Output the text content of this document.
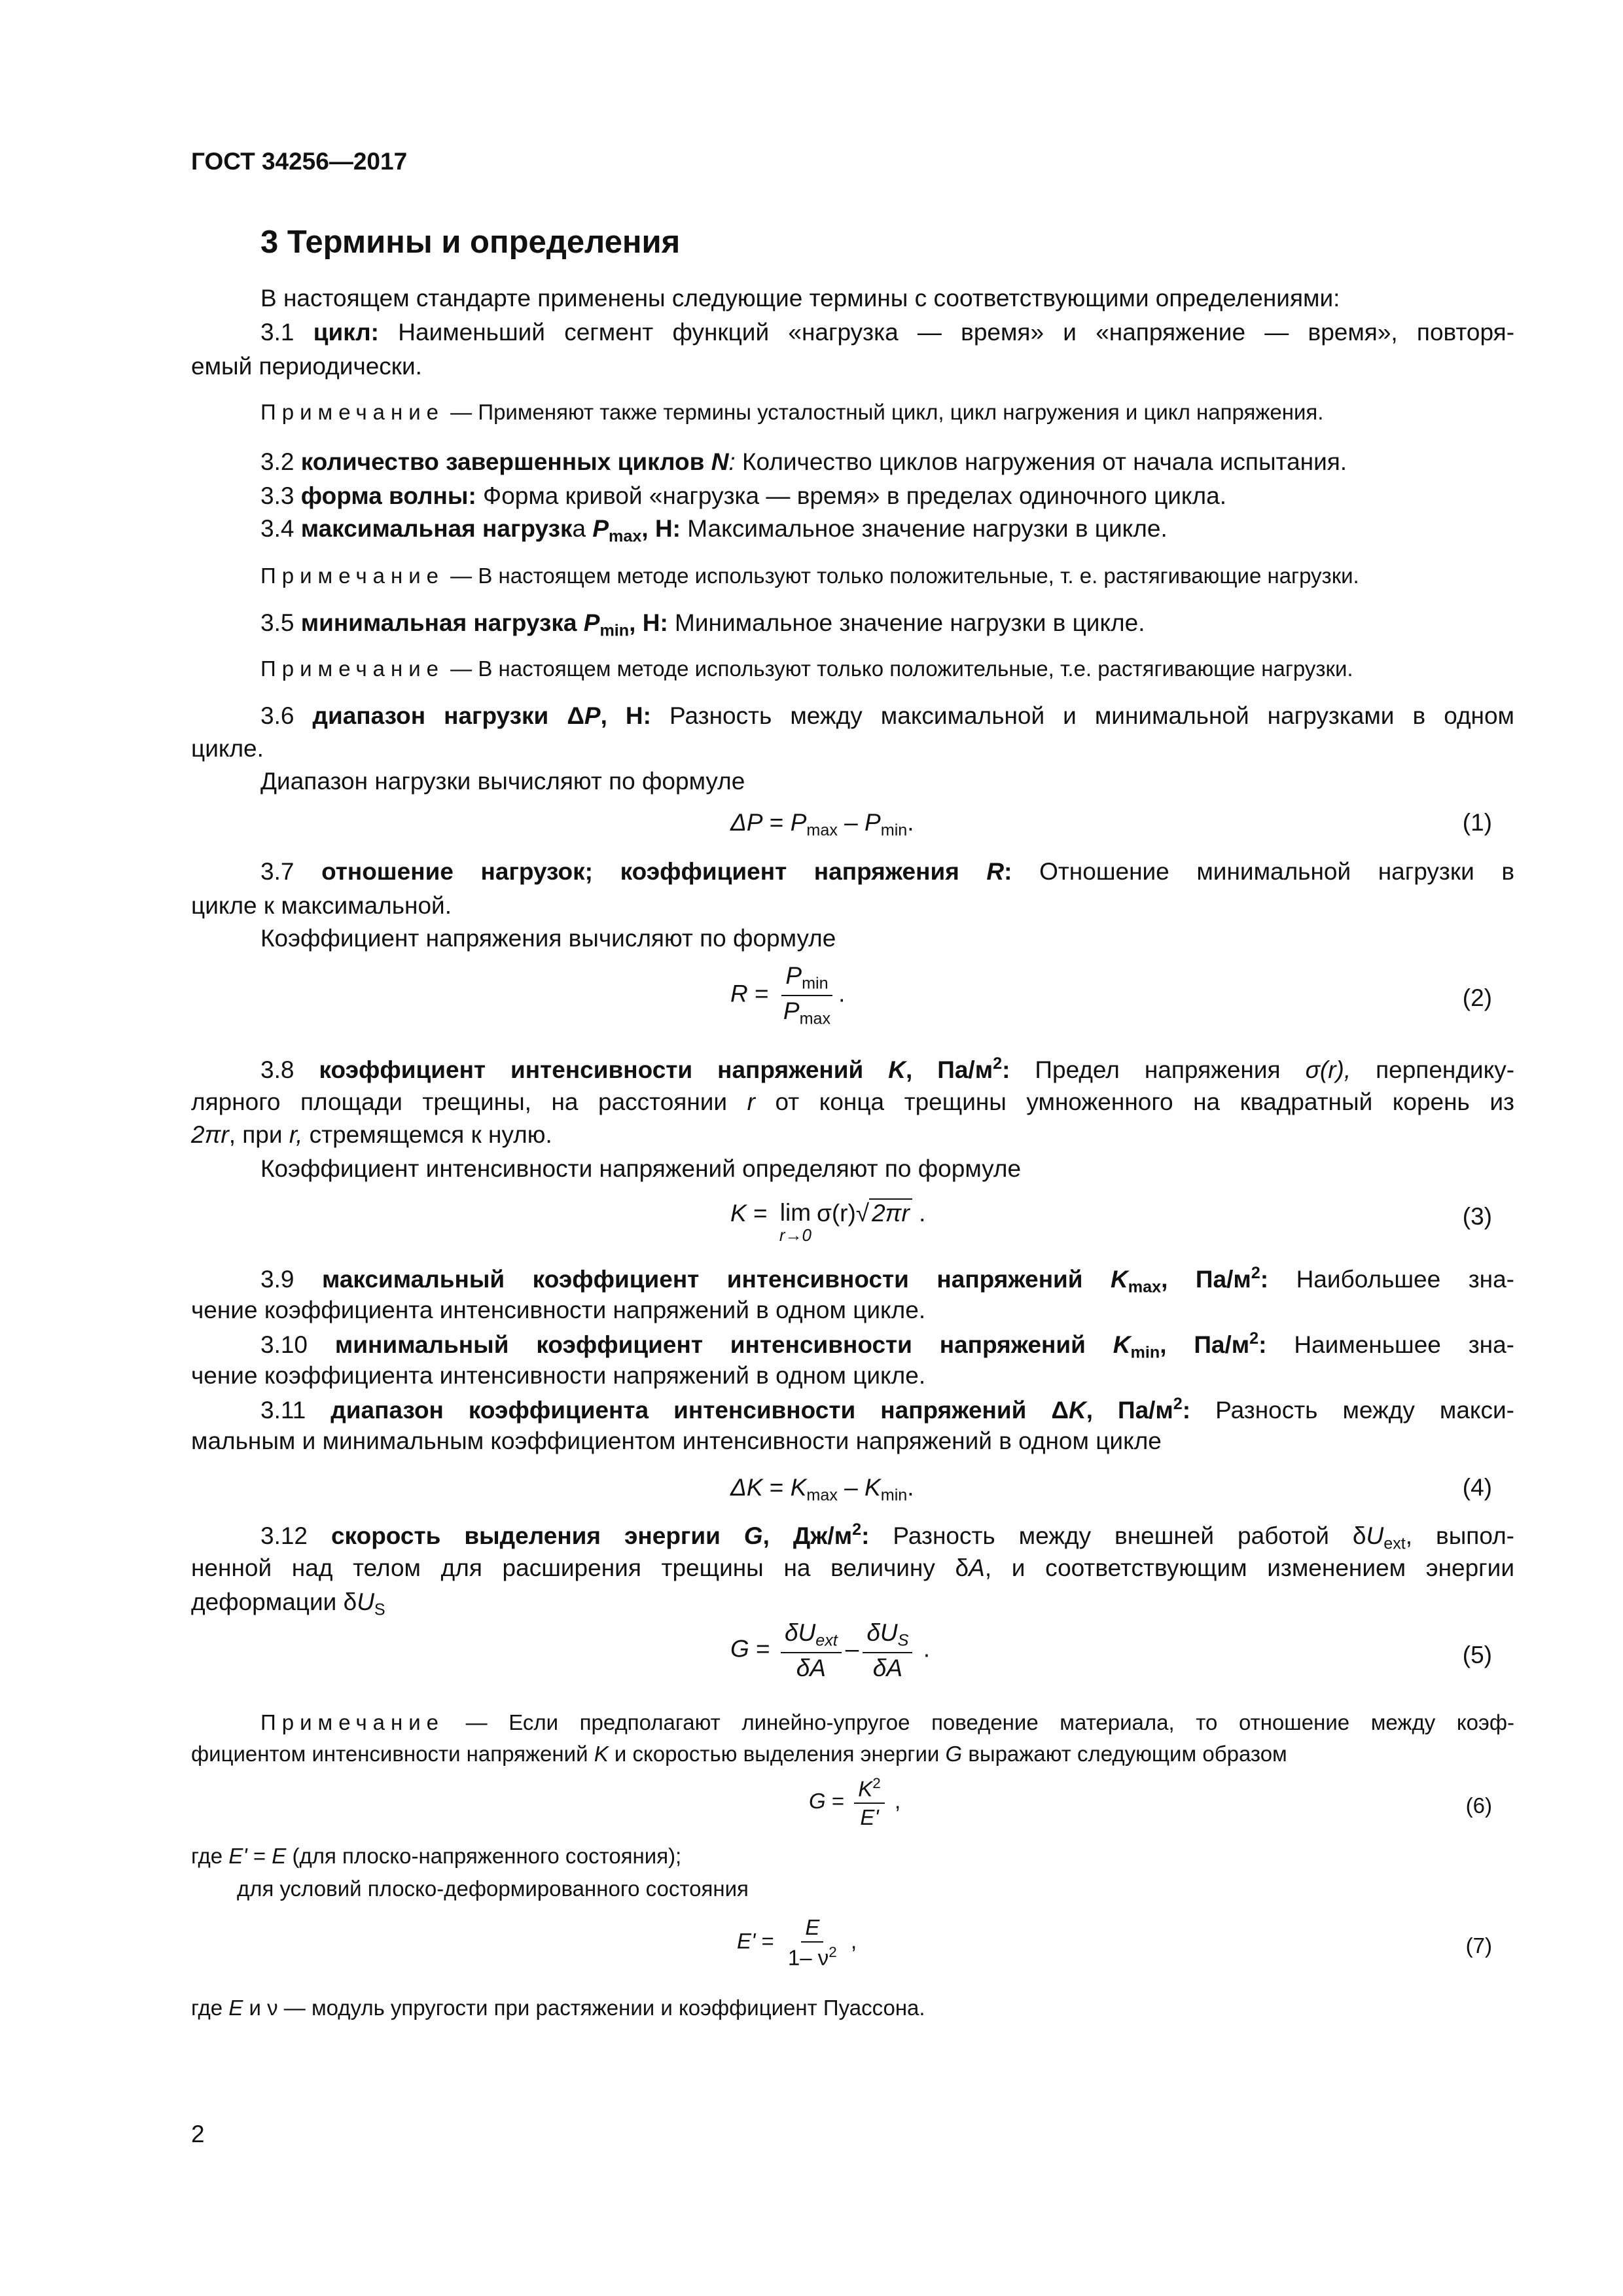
ГОСТ 34256—2017
3 Термины и определения
В настоящем стандарте применены следующие термины с соответствующими определениями:
3.1 цикл: Наименьший сегмент функций «нагрузка — время» и «напряжение — время», повторя-
емый периодически.
Примечание — Применяют также термины усталостный цикл, цикл нагружения и цикл напряжения.
3.2 количество завершенных циклов N: Количество циклов нагружения от начала испытания.
3.3 форма волны: Форма кривой «нагрузка — время» в пределах одиночного цикла.
3.4 максимальная нагрузка $P_{max}$, Н: Максимальное значение нагрузки в цикле.
Примечание — В настоящем методе используют только положительные, т. е. растягивающие нагрузки.
3.5 минимальная нагрузка $P_{min}$, Н: Минимальное значение нагрузки в цикле.
Примечание — В настоящем методе используют только положительные, т.е. растягивающие нагрузки.
3.6 диапазон нагрузки ΔP, Н: Разность между максимальной и минимальной нагрузками в одном
цикле.
Диапазон нагрузки вычисляют по формуле
$\Delta P = P_{max} - P_{min}$.	(1)
3.7 отношение нагрузок; коэффициент напряжения R: Отношение минимальной нагрузки в
цикле к максимальной.
Коэффициент напряжения вычисляют по формуле
$R = \frac{P_{min}}{P_{max}}$ .	(2)
3.8 коэффициент интенсивности напряжений K, $Па/м^2$: Предел напряжения σ(r), перпендику-
лярного площади трещины, на расстоянии r от конца трещины умноженного на квадратный корень из
2πr, при r, стремящемся к нулю.
Коэффициент интенсивности напряжений определяют по формуле
K = lim
r→0
σ(r)√ 2πr .	(3)
3.9 максимальный коэффициент интенсивности напряжений $K_{max}$, $Па/м^2$: Наибольшее зна-
чение коэффициента интенсивности напряжений в одном цикле.
3.10 минимальный коэффициент интенсивности напряжений $K_{min}$, $Па/м^2$: Наименьшее зна-
чение коэффициента интенсивности напряжений в одном цикле.
3.11 диапазон коэффициента интенсивности напряжений ΔK, $Па/м^2$: Разность между макси-
мальным и минимальным коэффициентом интенсивности напряжений в одном цикле
$\Delta K = K_{max} - K_{min}$.	(4)
3.12 скорость выделения энергии G, $Дж/м^2$: Разность между внешней работой $\delta U_{ext}$, выпол-
ненной над телом для расширения трещины на величину δA, и соответствующим изменением энергии
деформации $\delta U_S$
$G = \frac{\delta U_{ext}}{\delta A} - \frac{\delta U_S}{\delta A}$ .	(5)
Примечание — Если предполагают линейно-упругое поведение материала, то отношение между коэф-
фициентом интенсивности напряжений K и скоростью выделения энергии G выражают следующим образом
$G = \frac{K^2}{E'}$ ,	(6)
где E' = E (для плоско-напряженного состояния);
для условий плоско-деформированного состояния
$E' = \frac{E}{1- \nu^2}$ ,	(7)
где E и ν — модуль упругости при растяжении и коэффициент Пуассона.
2
